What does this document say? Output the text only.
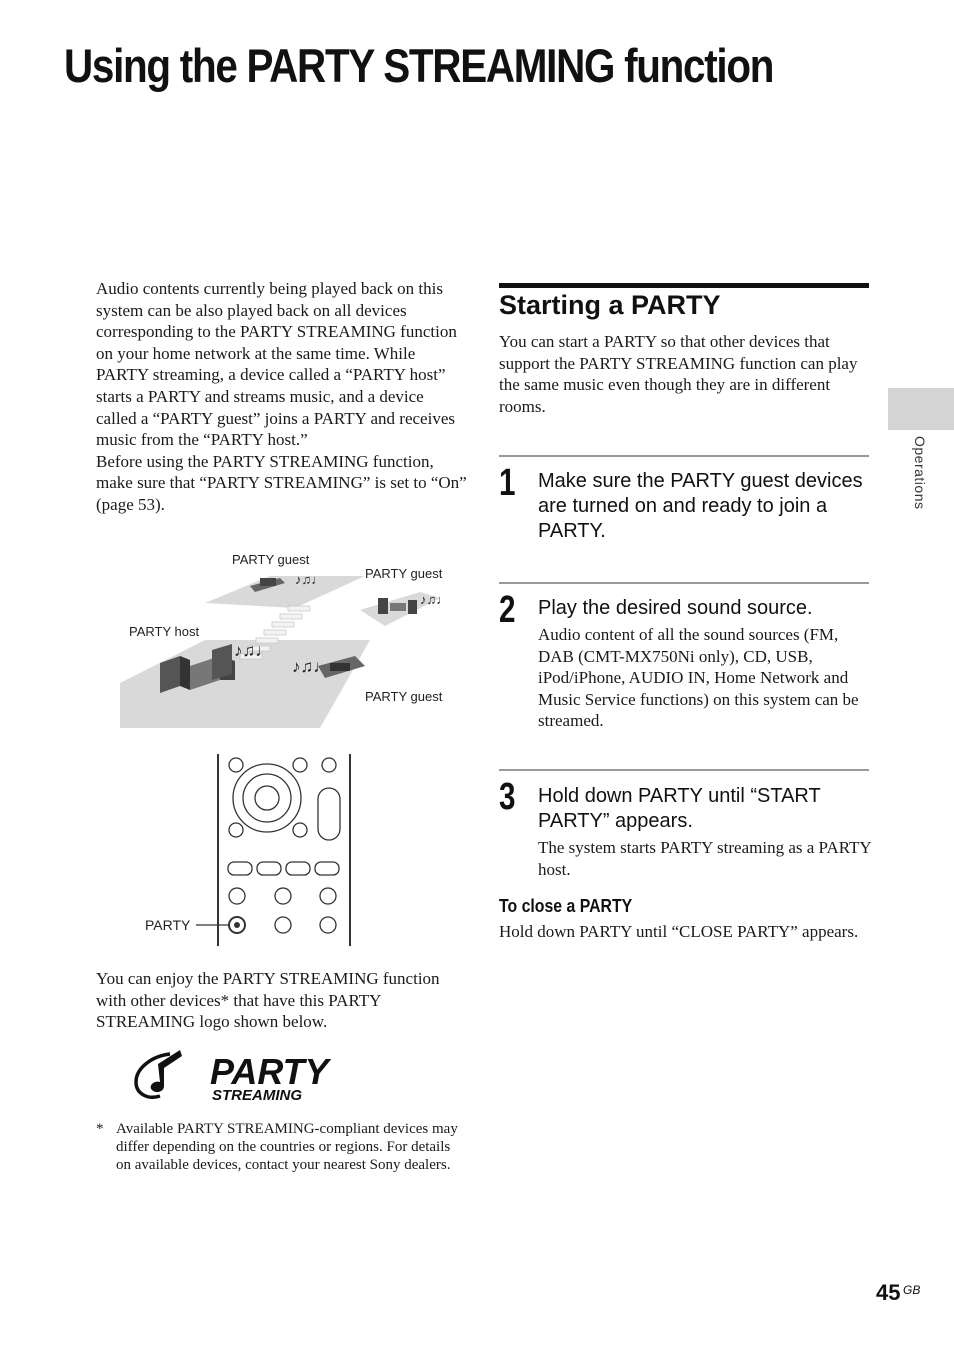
Using the PARTY STREAMING function
Operations

Audio contents currently being played back on this system can be also played back on all devices corresponding to the PARTY STREAMING function on your home network at the same time. While PARTY streaming, a device called a “PARTY host” starts a PARTY and streams music, and a device called a “PARTY guest” joins a PARTY and receives music from the “PARTY host.”

Before using the PARTY STREAMING function, make sure that “PARTY STREAMING” is set to “On” (page 53).

♪♫♩
♪♫♩
♪♫♩
♪♫♩
PARTY guest
PARTY guest
PARTY host
PARTY guest
PARTY

You can enjoy the PARTY STREAMING function with other devices* that have this PARTY STREAMING logo shown below.

PARTY
STREAMING
* Available PARTY STREAMING-compliant devices may differ depending on the countries or regions. For details on available devices, contact your nearest Sony dealers.

Starting a PARTY

You can start a PARTY so that other devices that support the PARTY STREAMING function can play the same music even though they are in different rooms.

1 Make sure the PARTY guest devices are turned on and ready to join a PARTY.
2 Play the desired sound source.

Audio content of all the sound sources (FM, DAB (CMT-MX750Ni only), CD, USB, iPod/iPhone, AUDIO IN, Home Network and Music Service functions) on this system can be streamed.

3 Hold down PARTY until “START PARTY” appears.

The system starts PARTY streaming as a PARTY host.

To close a PARTY

Hold down PARTY until “CLOSE PARTY” appears.

45 GB
